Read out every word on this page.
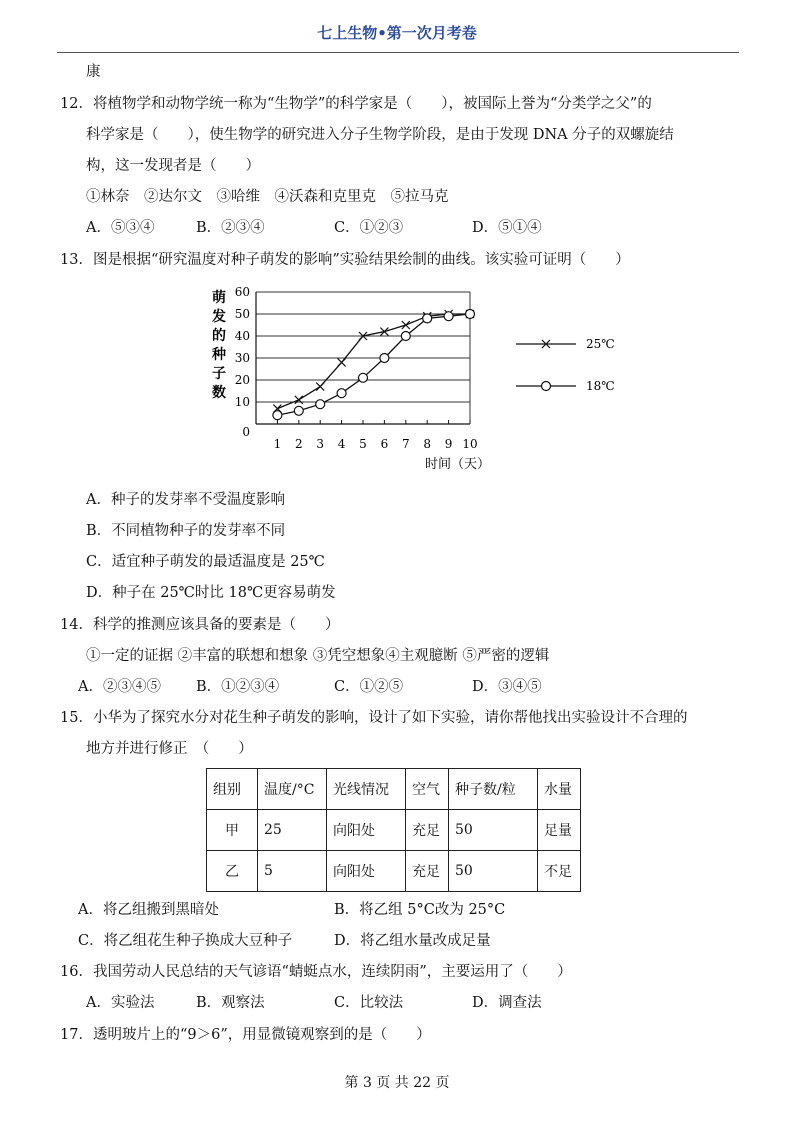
七上生物•第一次月考卷
康
12．将植物学和动物学统一称为“生物学”的科学家是（　　），被国际上誉为“分类学之父”的
科学家是（　　），使生物学的研究进入分子生物学阶段，是由于发现 DNA 分子的双螺旋结
构，这一发现者是（　　）
①林奈　②达尔文　③哈维　④沃森和克里克　⑤拉马克
A．⑤③④	B．②③④	C．①②③	D．⑤①④
13．图是根据“研究温度对种子萌发的影响”实验结果绘制的曲线。该实验可证明（　　）
萌
发
的
种
子
数
0
10
20
30
40
50
60
1 2 3 4 5 6 7 8 9 10
时间（天）
25℃
18℃
A．种子的发芽率不受温度影响
B．不同植物种子的发芽率不同
C．适宜种子萌发的最适温度是 25℃
D．种子在 25℃时比 18℃更容易萌发
14．科学的推测应该具备的要素是（　　）
①一定的证据 ②丰富的联想和想象 ③凭空想象④主观臆断 ⑤严密的逻辑
A．②③④⑤ B．①②③④	C．①②⑤	D．③④⑤
15．小华为了探究水分对花生种子萌发的影响，设计了如下实验，请你帮他找出实验设计不合理的
地方并进行修正　（　　）
组别	温度/°C	光线情况	空气	种子数/粒	水量
甲	25	向阳处	充足	50	足量
乙	5	向阳处	充足	50	不足
A．将乙组搬到黑暗处	B．将乙组 5°C改为 25°C
C．将乙组花生种子换成大豆种子	D．将乙组水量改成足量
16．我国劳动人民总结的天气谚语“蜻蜓点水，连续阴雨”，主要运用了（　　）
A．实验法	B．观察法	C．比较法	D．调查法
17．透明玻片上的“9＞6”，用显微镜观察到的是（　　）
第 3 页 共 22 页
